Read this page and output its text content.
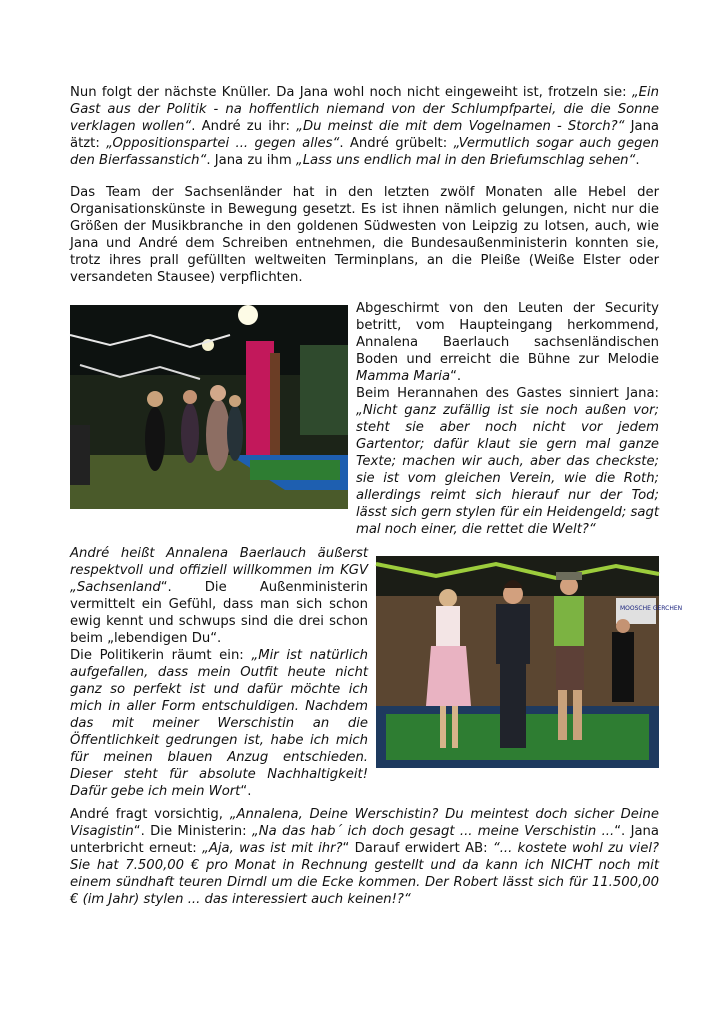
Nun folgt der nächste Knüller. Da Jana wohl noch nicht eingeweiht ist, frotzeln sie: „Ein Gast aus der Politik - na hoffentlich niemand von der Schlumpfpartei, die die Sonne verklagen wollen“. André zu ihr: „Du meinst die mit dem Vogelnamen - Storch?“ Jana ätzt: „Oppositionspartei ... gegen alles“. André grübelt: „Vermutlich sogar auch gegen den Bierfassanstich“. Jana zu ihm „Lass uns endlich mal in den Briefumschlag sehen“.

Das Team der Sachsenländer hat in den letzten zwölf Monaten alle Hebel der Organisationskünste in Bewegung gesetzt. Es ist ihnen nämlich gelungen, nicht nur die Größen der Musikbranche in den goldenen Südwesten von Leipzig zu lotsen, auch, wie Jana und André dem Schreiben entnehmen, die Bundesaußenministerin konnten sie, trotz ihres prall gefüllten weltweiten Terminplans, an die Pleiße (Weiße Elster oder versandeten Stausee) verpflichten.

Abgeschirmt von den Leuten der Security betritt, vom Haupteingang herkommend, Annalena Baerlauch sachsenländischen Boden und erreicht die Bühne zur Melodie Mamma Maria“.
Beim Herannahen des Gastes sinniert Jana: „Nicht ganz zufällig ist sie noch außen vor; steht sie aber noch nicht vor jedem Gartentor; dafür klaut sie gern mal ganze Texte; machen wir auch, aber das checkste; sie ist vom gleichen Verein, wie die Roth; allerdings reimt sich hierauf nur der Tod; lässt sich gern stylen für ein Heidengeld; sagt mal noch einer, die rettet die Welt?“

André heißt Annalena Baerlauch äußerst respektvoll und offiziell willkommen im KGV „Sachsenland“. Die Außenministerin vermittelt ein Gefühl, dass man sich schon ewig kennt und schwups sind die drei schon beim „lebendigen Du“.
Die Politikerin räumt ein: „Mir ist natürlich aufgefallen, dass mein Outfit heute nicht ganz so perfekt ist und dafür möchte ich mich in aller Form entschuldigen. Nachdem das mit meiner Werschistin an die Öffentlichkeit gedrungen ist, habe ich mich für meinen blauen Anzug entschieden. Dieser steht für absolute Nachhaltigkeit! Dafür gebe ich mein Wort“.

MOOSCHE GERCHEN

André fragt vorsichtig, „Annalena, Deine Werschistin? Du meintest doch sicher Deine Visagistin“. Die Ministerin: „Na das hab´ ich doch gesagt ... meine Verschistin ...“. Jana unterbricht erneut: „Aja, was ist mit ihr?“ Darauf erwidert AB: “... kostete wohl zu viel? Sie hat 7.500,00 € pro Monat in Rechnung gestellt und da kann ich NICHT noch mit einem sündhaft teuren Dirndl um die Ecke kommen. Der Robert lässt sich für 11.500,00 € (im Jahr) stylen ... das interessiert auch keinen!?“
